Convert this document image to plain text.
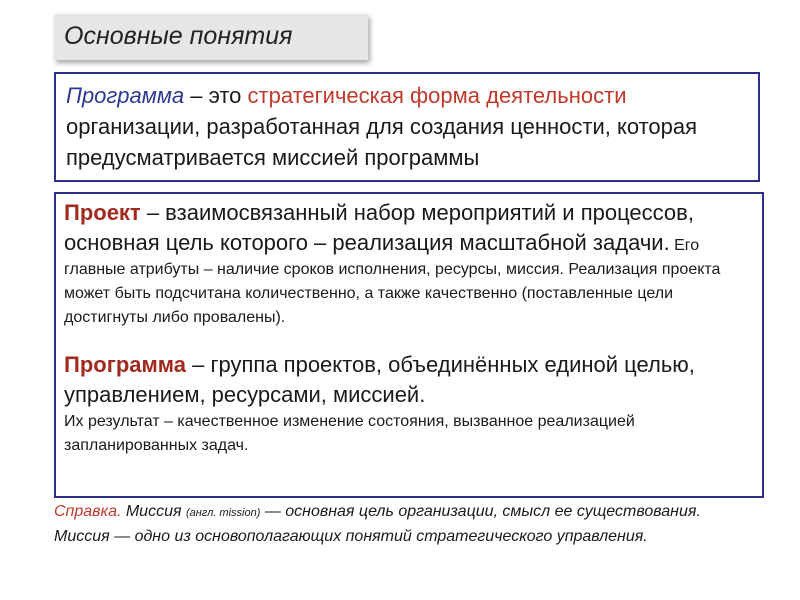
Основные понятия
Программа – это стратегическая форма деятельности организации, разработанная для создания ценности, которая предусматривается миссией программы
Проект – взаимосвязанный набор мероприятий и процессов, основная цель которого – реализация масштабной задачи. Его главные атрибуты – наличие сроков исполнения, ресурсы, миссия. Реализация проекта может быть подсчитана количественно, а также качественно (поставленные цели достигнуты либо провалены).
Программа – группа проектов, объединённых единой целью, управлением, ресурсами, миссией.
Их результат – качественное изменение состояния, вызванное реализацией запланированных задач.
Справка. Миссия (англ. mission) — основная цель организации, смысл ее существования. Миссия — одно из основополагающих понятий стратегического управления.
